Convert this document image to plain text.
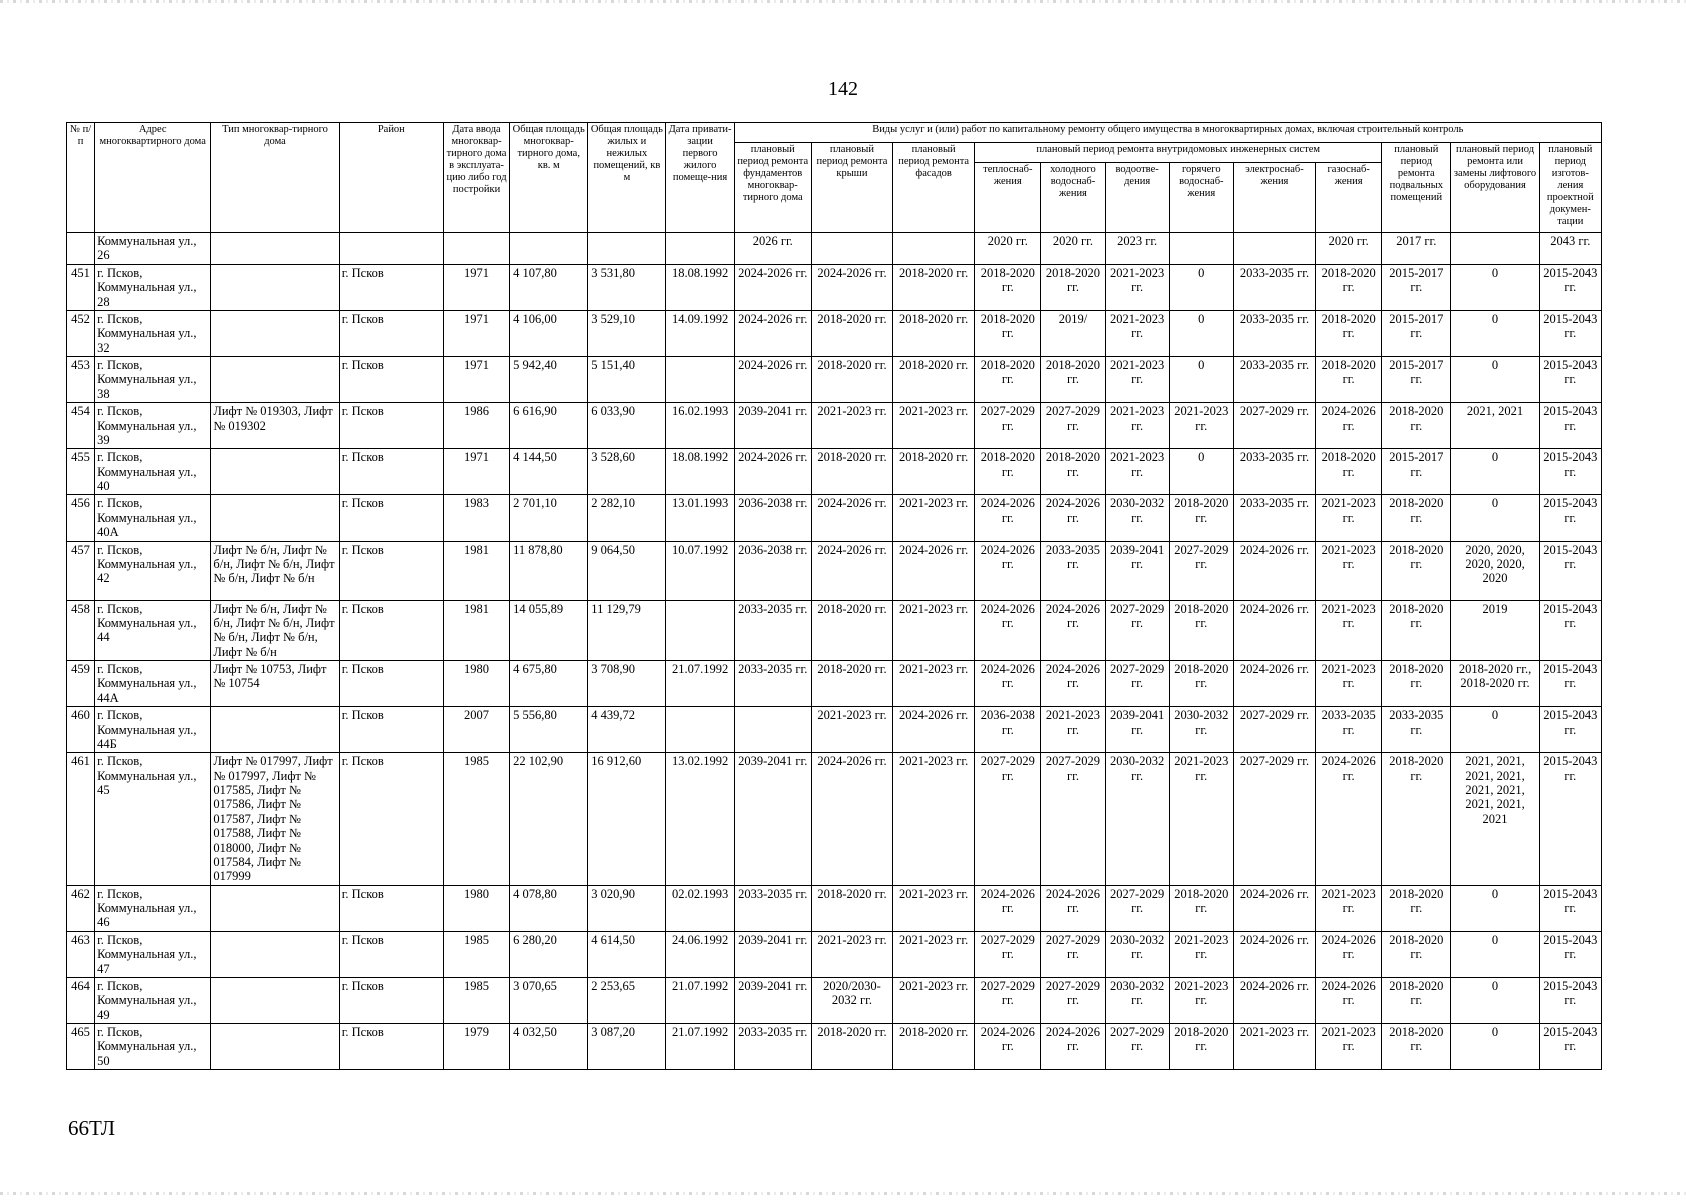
142
№ п/п	Адрес многоквартирного дома	Тип многоквар-тирного дома	Район	Дата ввода многоквар-тирного дома в эксплуата-цию либо год постройки	Общая площадь многоквар-тирного дома, кв. м	Общая площадь жилых и нежилых помещений, кв м	Дата привати-зации первого жилого помеще-ния	Виды услуг и (или) работ по капитальному ремонту общего имущества в многоквартирных домах, включая строительный контроль											
								плановый период ремонта фундаментов многоквар-тирного дома	плановый период ремонта крыши	плановый период ремонта фасадов	плановый период ремонта внутридомовых инженерных систем						плановый период ремонта подвальных помещений	плановый период ремонта или замены лифтового оборудования	плановый период изготов-ления проектной докумен-тации
											теплоснаб-жения	холодного водоснаб-жения	водоотве-дения	горячего водоснаб-жения	электроснаб-жения	газоснаб-жения			
	Коммунальная ул., 26							2026 гг.			2020 гг.	2020 гг.	2023 гг.			2020 гг.	2017 гг.		2043 гг.
451	г. Псков, Коммунальная ул., 28		г. Псков	1971	4 107,80	3 531,80	18.08.1992	2024-2026 гг.	2024-2026 гг.	2018-2020 гг.	2018-2020 гг.	2018-2020 гг.	2021-2023 гг.	0	2033-2035 гг.	2018-2020 гг.	2015-2017 гг.	0	2015-2043 гг.
452	г. Псков, Коммунальная ул., 32		г. Псков	1971	4 106,00	3 529,10	14.09.1992	2024-2026 гг.	2018-2020 гг.	2018-2020 гг.	2018-2020 гг.	2019/	2021-2023 гг.	0	2033-2035 гг.	2018-2020 гг.	2015-2017 гг.	0	2015-2043 гг.
453	г. Псков, Коммунальная ул., 38		г. Псков	1971	5 942,40	5 151,40		2024-2026 гг.	2018-2020 гг.	2018-2020 гг.	2018-2020 гг.	2018-2020 гг.	2021-2023 гг.	0	2033-2035 гг.	2018-2020 гг.	2015-2017 гг.	0	2015-2043 гг.
454	г. Псков, Коммунальная ул., 39	Лифт № 019303, Лифт № 019302	г. Псков	1986	6 616,90	6 033,90	16.02.1993	2039-2041 гг.	2021-2023 гг.	2021-2023 гг.	2027-2029 гг.	2027-2029 гг.	2021-2023 гг.	2021-2023 гг.	2027-2029 гг.	2024-2026 гг.	2018-2020 гг.	2021, 2021	2015-2043 гг.
455	г. Псков, Коммунальная ул., 40		г. Псков	1971	4 144,50	3 528,60	18.08.1992	2024-2026 гг.	2018-2020 гг.	2018-2020 гг.	2018-2020 гг.	2018-2020 гг.	2021-2023 гг.	0	2033-2035 гг.	2018-2020 гг.	2015-2017 гг.	0	2015-2043 гг.
456	г. Псков, Коммунальная ул., 40А		г. Псков	1983	2 701,10	2 282,10	13.01.1993	2036-2038 гг.	2024-2026 гг.	2021-2023 гг.	2024-2026 гг.	2024-2026 гг.	2030-2032 гг.	2018-2020 гг.	2033-2035 гг.	2021-2023 гг.	2018-2020 гг.	0	2015-2043 гг.
457	г. Псков, Коммунальная ул., 42	Лифт № б/н, Лифт № б/н, Лифт № б/н, Лифт № б/н, Лифт № б/н	г. Псков	1981	11 878,80	9 064,50	10.07.1992	2036-2038 гг.	2024-2026 гг.	2024-2026 гг.	2024-2026 гг.	2033-2035 гг.	2039-2041 гг.	2027-2029 гг.	2024-2026 гг.	2021-2023 гг.	2018-2020 гг.	2020, 2020, 2020, 2020, 2020	2015-2043 гг.
458	г. Псков, Коммунальная ул., 44	Лифт № б/н, Лифт № б/н, Лифт № б/н, Лифт № б/н, Лифт № б/н, Лифт № б/н	г. Псков	1981	14 055,89	11 129,79		2033-2035 гг.	2018-2020 гг.	2021-2023 гг.	2024-2026 гг.	2024-2026 гг.	2027-2029 гг.	2018-2020 гг.	2024-2026 гг.	2021-2023 гг.	2018-2020 гг.	2019	2015-2043 гг.
459	г. Псков, Коммунальная ул., 44А	Лифт № 10753, Лифт № 10754	г. Псков	1980	4 675,80	3 708,90	21.07.1992	2033-2035 гг.	2018-2020 гг.	2021-2023 гг.	2024-2026 гг.	2024-2026 гг.	2027-2029 гг.	2018-2020 гг.	2024-2026 гг.	2021-2023 гг.	2018-2020 гг.	2018-2020 гг., 2018-2020 гг.	2015-2043 гг.
460	г. Псков, Коммунальная ул., 44Б		г. Псков	2007	5 556,80	4 439,72			2021-2023 гг.	2024-2026 гг.	2036-2038 гг.	2021-2023 гг.	2039-2041 гг.	2030-2032 гг.	2027-2029 гг.	2033-2035 гг.	2033-2035 гг.	0	2015-2043 гг.
461	г. Псков, Коммунальная ул., 45	Лифт № 017997, Лифт № 017997, Лифт № 017585, Лифт № 017586, Лифт № 017587, Лифт № 017588, Лифт № 018000, Лифт № 017584, Лифт № 017999	г. Псков	1985	22 102,90	16 912,60	13.02.1992	2039-2041 гг.	2024-2026 гг.	2021-2023 гг.	2027-2029 гг.	2027-2029 гг.	2030-2032 гг.	2021-2023 гг.	2027-2029 гг.	2024-2026 гг.	2018-2020 гг.	2021, 2021, 2021, 2021, 2021, 2021, 2021, 2021, 2021	2015-2043 гг.
462	г. Псков, Коммунальная ул., 46		г. Псков	1980	4 078,80	3 020,90	02.02.1993	2033-2035 гг.	2018-2020 гг.	2021-2023 гг.	2024-2026 гг.	2024-2026 гг.	2027-2029 гг.	2018-2020 гг.	2024-2026 гг.	2021-2023 гг.	2018-2020 гг.	0	2015-2043 гг.
463	г. Псков, Коммунальная ул., 47		г. Псков	1985	6 280,20	4 614,50	24.06.1992	2039-2041 гг.	2021-2023 гг.	2021-2023 гг.	2027-2029 гг.	2027-2029 гг.	2030-2032 гг.	2021-2023 гг.	2024-2026 гг.	2024-2026 гг.	2018-2020 гг.	0	2015-2043 гг.
464	г. Псков, Коммунальная ул., 49		г. Псков	1985	3 070,65	2 253,65	21.07.1992	2039-2041 гг.	2020/2030-2032 гг.	2021-2023 гг.	2027-2029 гг.	2027-2029 гг.	2030-2032 гг.	2021-2023 гг.	2024-2026 гг.	2024-2026 гг.	2018-2020 гг.	0	2015-2043 гг.
465	г. Псков, Коммунальная ул., 50		г. Псков	1979	4 032,50	3 087,20	21.07.1992	2033-2035 гг.	2018-2020 гг.	2018-2020 гг.	2024-2026 гг.	2024-2026 гг.	2027-2029 гг.	2018-2020 гг.	2021-2023 гг.	2021-2023 гг.	2018-2020 гг.	0	2015-2043 гг.
66ТЛ
